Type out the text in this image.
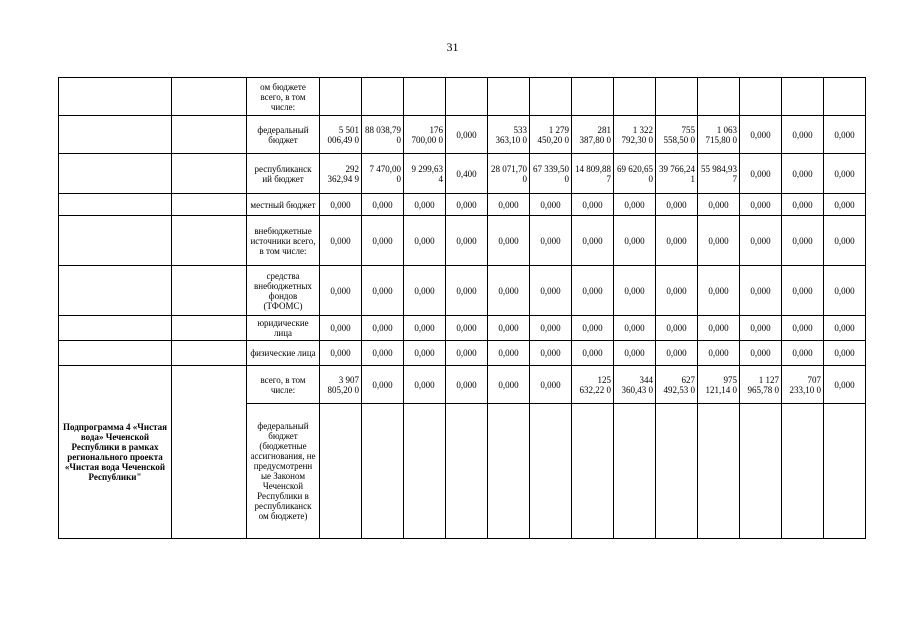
31
		ом бюджете всего, в том числе:													
		федеральный бюджет	5 501 006,49 0	88 038,79 0	176 700,00 0	0,000	533 363,10 0	1 279 450,20 0	281 387,80 0	1 322 792,30 0	755 558,50 0	1 063 715,80 0	0,000	0,000	0,000
		республиканск ий бюджет	292 362,94 9	7 470,00 0	9 299,63 4	0,400	28 071,70 0	67 339,50 0	14 809,88 7	69 620,65 0	39 766,24 1	55 984,93 7	0,000	0,000	0,000
		местный бюджет	0,000	0,000	0,000	0,000	0,000	0,000	0,000	0,000	0,000	0,000	0,000	0,000	0,000
		внебюджетные источники всего, в том числе:	0,000	0,000	0,000	0,000	0,000	0,000	0,000	0,000	0,000	0,000	0,000	0,000	0,000
		средства внебюджетных фондов (ТФОМС)	0,000	0,000	0,000	0,000	0,000	0,000	0,000	0,000	0,000	0,000	0,000	0,000	0,000
		юридические лица	0,000	0,000	0,000	0,000	0,000	0,000	0,000	0,000	0,000	0,000	0,000	0,000	0,000
		физические лица	0,000	0,000	0,000	0,000	0,000	0,000	0,000	0,000	0,000	0,000	0,000	0,000	0,000
Подпрограмма 4 «Чистая вода» Чеченской Республики в рамках регионального проекта «Чистая вода Чеченской Республики"		всего, в том числе:	3 907 805,20 0	0,000	0,000	0,000	0,000	0,000	125 632,22 0	344 360,43 0	627 492,53 0	975 121,14 0	1 127 965,78 0	707 233,10 0	0,000
		федеральный бюджет (бюджетные ассигнования, не предусмотренн ые Законом Чеченской Республики в республиканск ом бюджете)													
